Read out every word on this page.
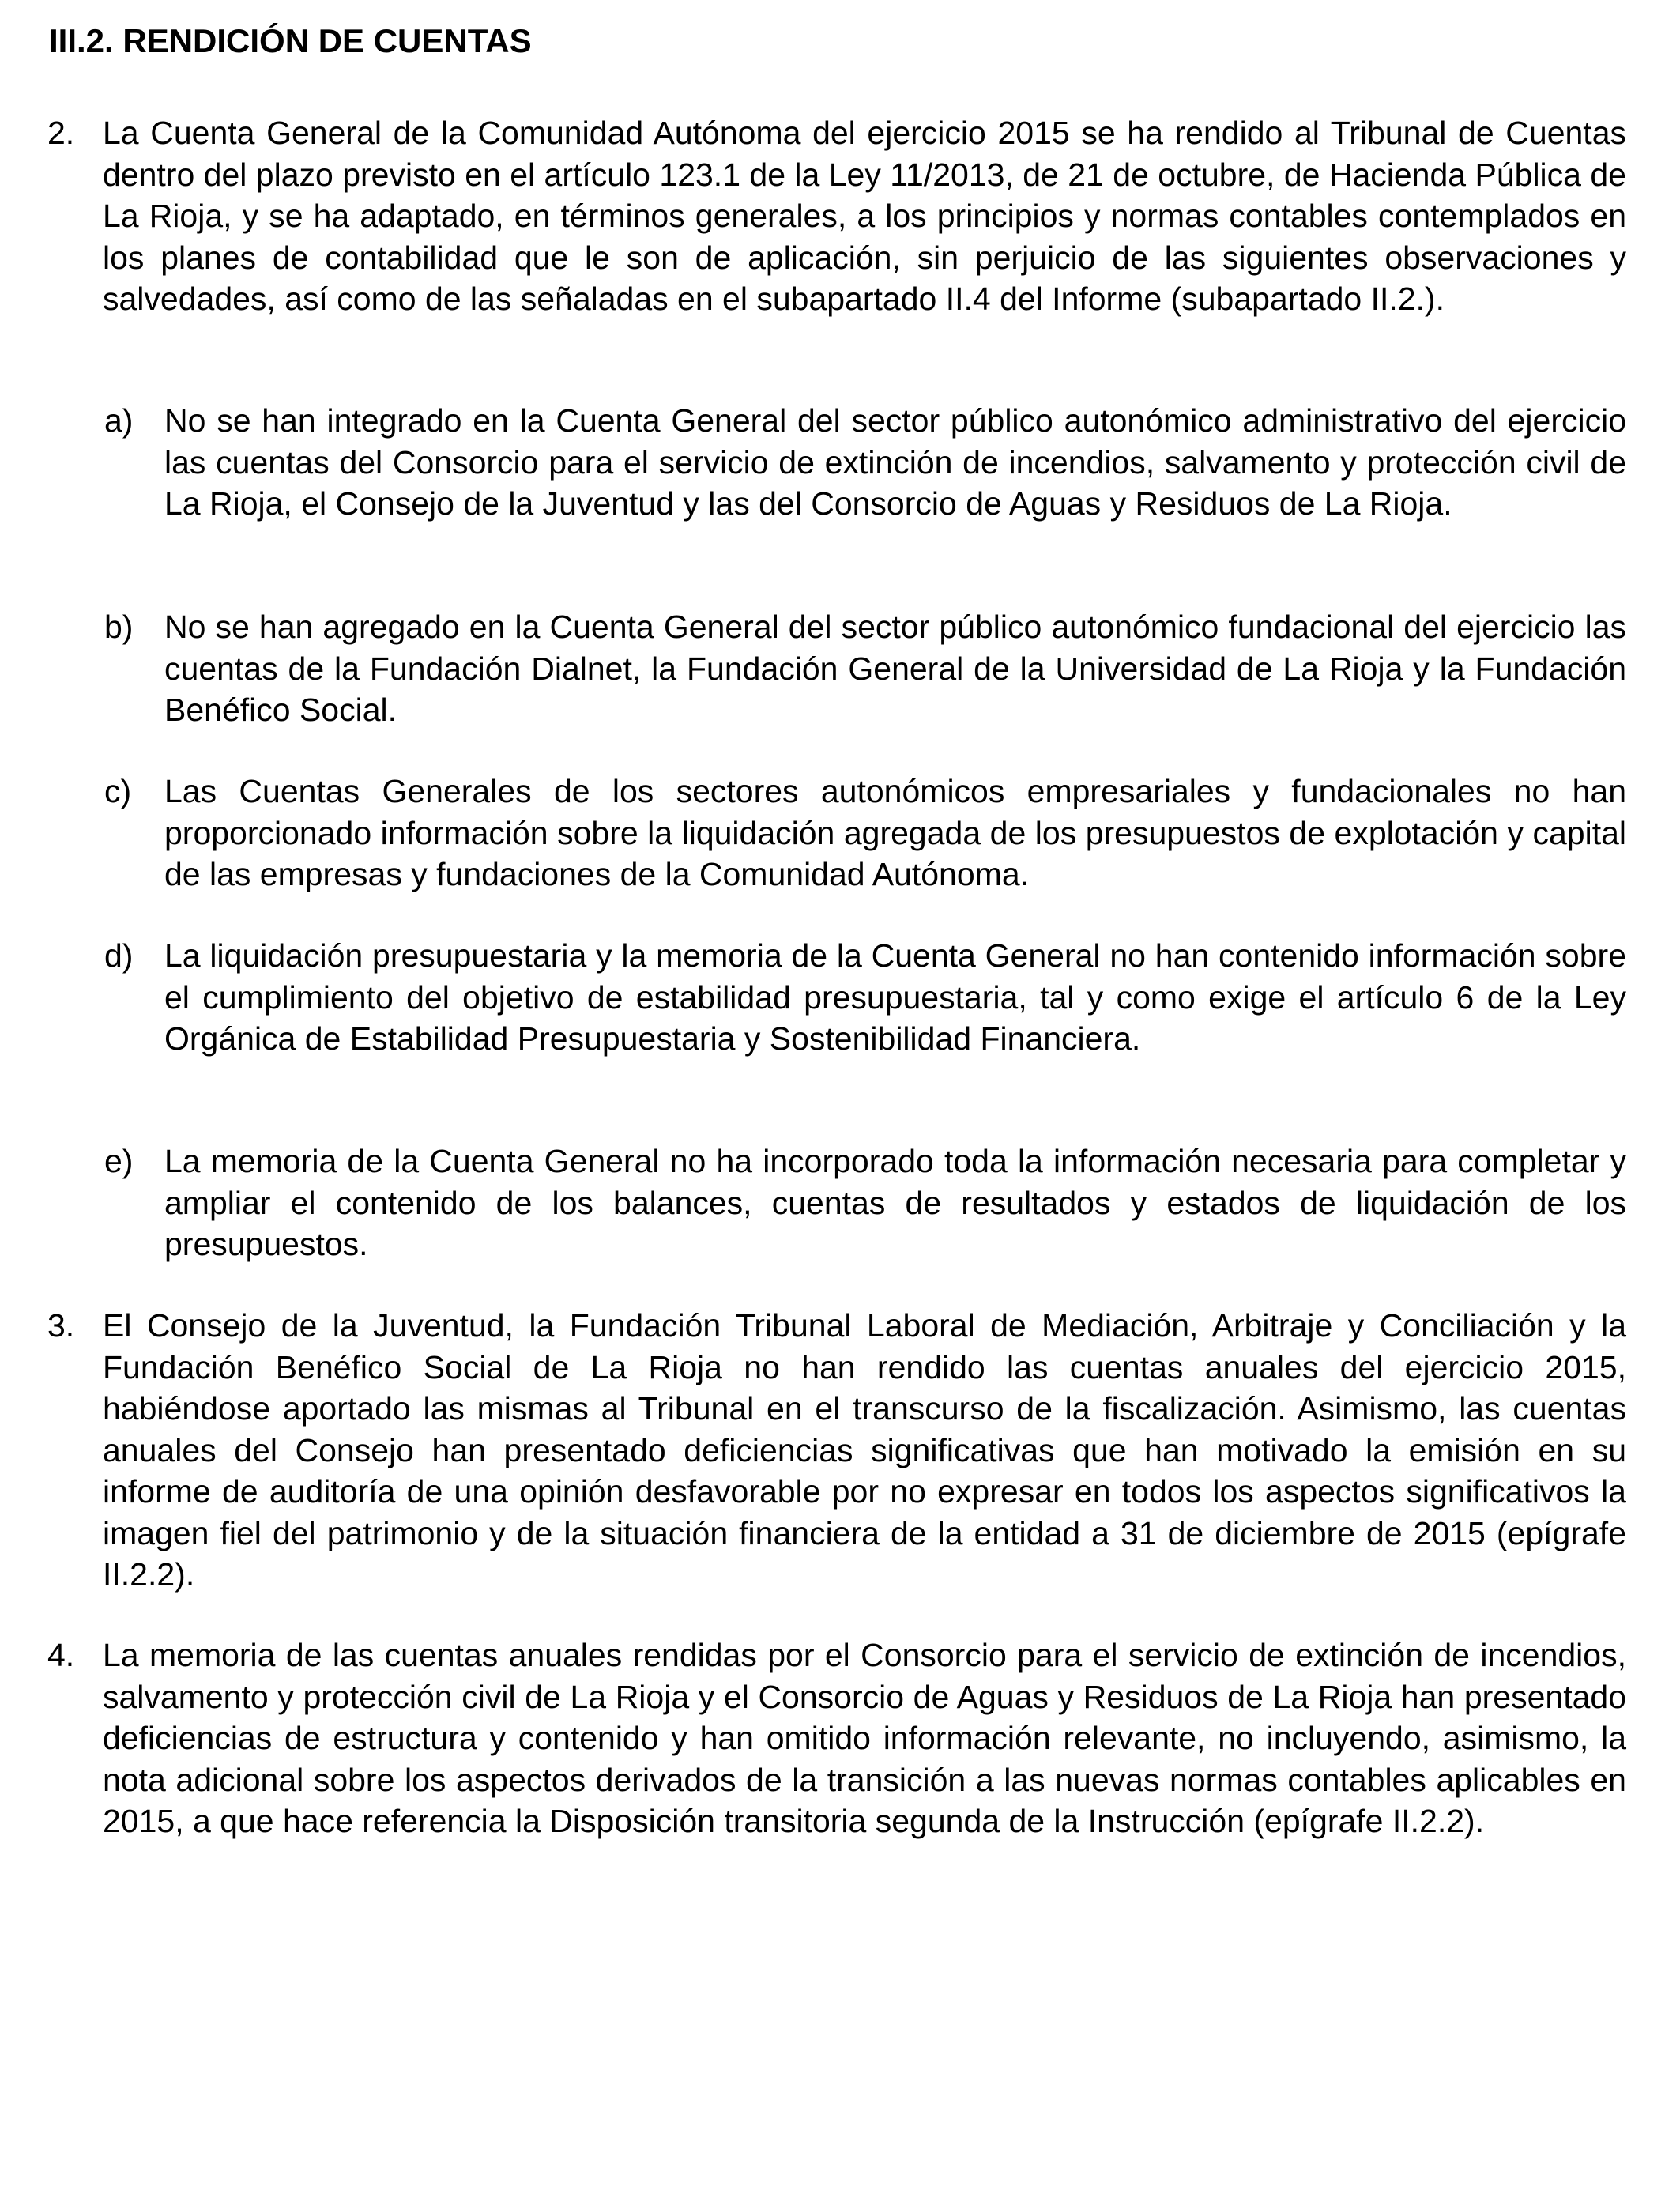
III.2. RENDICIÓN DE CUENTAS
2. La Cuenta General de la Comunidad Autónoma del ejercicio 2015 se ha rendido al Tribunal de Cuentas dentro del plazo previsto en el artículo 123.1 de la Ley 11/2013, de 21 de octubre, de Hacienda Pública de La Rioja, y se ha adaptado, en términos generales, a los principios y normas contables contemplados en los planes de contabilidad que le son de aplicación, sin perjuicio de las siguientes observaciones y salvedades, así como de las señaladas en el subapartado II.4 del Informe (subapartado II.2.).
a) No se han integrado en la Cuenta General del sector público autonómico administrativo del ejercicio las cuentas del Consorcio para el servicio de extinción de incendios, salvamento y protección civil de La Rioja, el Consejo de la Juventud y las del Consorcio de Aguas y Residuos de La Rioja.
b) No se han agregado en la Cuenta General del sector público autonómico fundacional del ejercicio las cuentas de la Fundación Dialnet, la Fundación General de la Universidad de La Rioja y la Fundación Benéfico Social.
c)	Las Cuentas Generales de los sectores autonómicos empresariales y fundacionales no han proporcionado información sobre la liquidación agregada de los presupuestos de explotación y capital de las empresas y fundaciones de la Comunidad Autónoma.
d) La liquidación presupuestaria y la memoria de la Cuenta General no han contenido información sobre el cumplimiento del objetivo de estabilidad presupuestaria, tal y como exige el artículo 6 de la Ley Orgánica de Estabilidad Presupuestaria y Sostenibilidad Financiera.
e) La memoria de la Cuenta General no ha incorporado toda la información necesaria para completar y ampliar el contenido de los balances, cuentas de resultados y estados de liquidación de los presupuestos.
3. El Consejo de la Juventud, la Fundación Tribunal Laboral de Mediación, Arbitraje y Conciliación y la Fundación Benéfico Social de La Rioja no han rendido las cuentas anuales del ejercicio 2015, habiéndose aportado las mismas al Tribunal en el transcurso de la fiscalización. Asimismo, las cuentas anuales del Consejo han presentado deficiencias significativas que han motivado la emisión en su informe de auditoría de una opinión desfavorable por no expresar en todos los aspectos significativos la imagen fiel del patrimonio y de la situación financiera de la entidad a 31 de diciembre de 2015 (epígrafe II.2.2).
4. La memoria de las cuentas anuales rendidas por el Consorcio para el servicio de extinción de incendios, salvamento y protección civil de La Rioja y el Consorcio de Aguas y Residuos de La Rioja han presentado deficiencias de estructura y contenido y han omitido información relevante, no incluyendo, asimismo, la nota adicional sobre los aspectos derivados de la transición a las nuevas normas contables aplicables en 2015, a que hace referencia la Disposición transitoria segunda de la Instrucción (epígrafe II.2.2).
